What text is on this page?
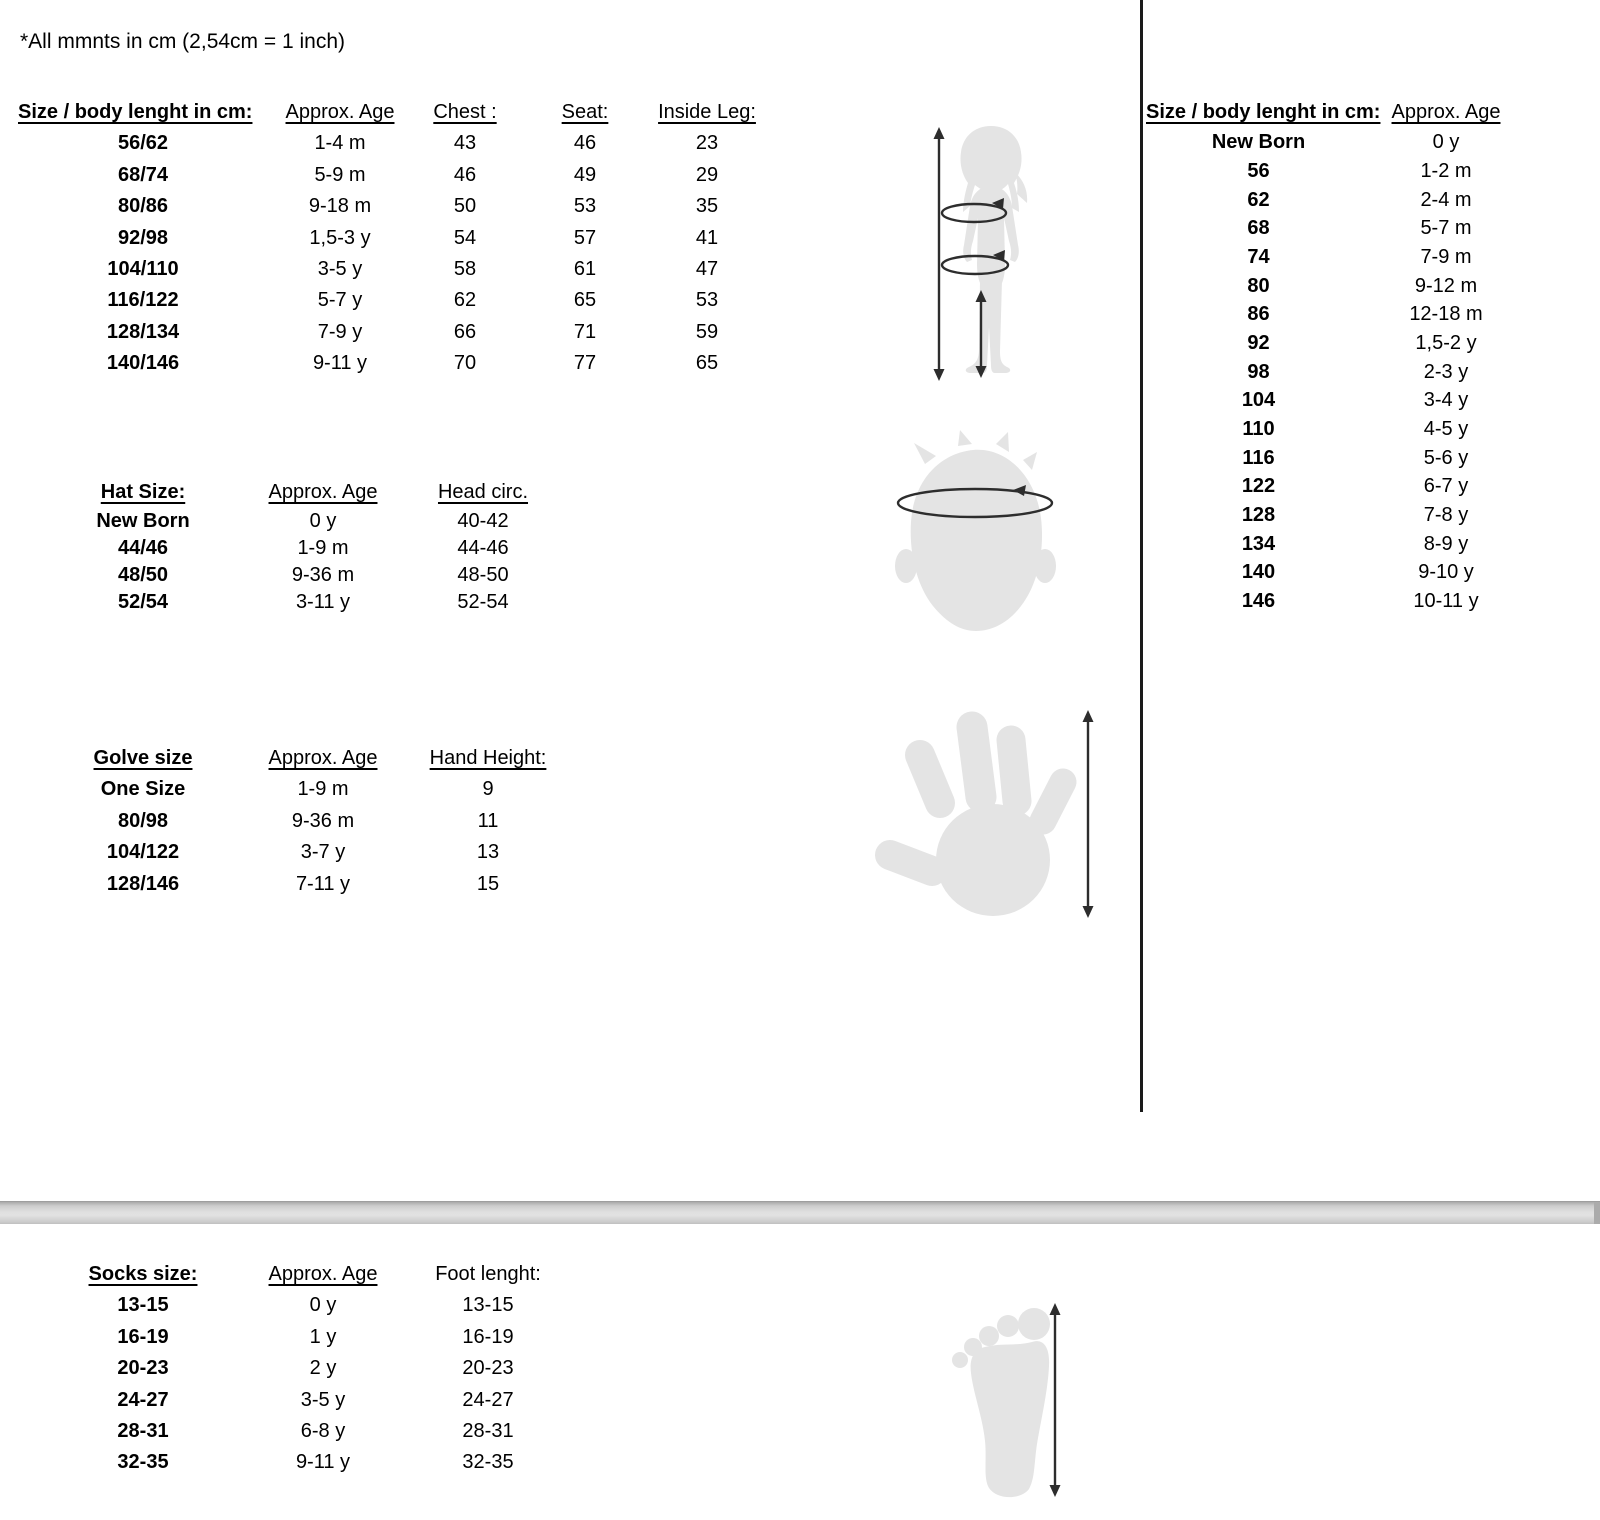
*All mmnts in cm (2,54cm = 1 inch)
Size / body lenght in cm:	Approx. Age	Chest :	Seat:	Inside Leg:
56/62	1-4 m	43	46	23
68/74	5-9 m	46	49	29
80/86	9-18 m	50	53	35
92/98	1,5-3 y	54	57	41
104/110	3-5 y	58	61	47
116/122	5-7 y	62	65	53
128/134	7-9 y	66	71	59
140/146	9-11 y	70	77	65
Hat Size:	Approx. Age	Head circ.
New Born	0 y	40-42
44/46	1-9 m	44-46
48/50	9-36 m	48-50
52/54	3-11 y	52-54
Golve size	Approx. Age	Hand Height:
One Size	1-9 m	9
80/98	9-36 m	11
104/122	3-7 y	13
128/146	7-11 y	15
Socks size:	Approx. Age	Foot lenght:
13-15	0 y	13-15
16-19	1 y	16-19
20-23	2 y	20-23
24-27	3-5 y	24-27
28-31	6-8 y	28-31
32-35	9-11 y	32-35
Size / body lenght in cm: Approx. Age
New Born	0 y
56	1-2 m
62	2-4 m
68	5-7 m
74	7-9 m
80	9-12 m
86	12-18 m
92	1,5-2 y
98	2-3 y
104	3-4 y
110	4-5 y
116	5-6 y
122	6-7 y
128	7-8 y
134	8-9 y
140	9-10 y
146	10-11 y
